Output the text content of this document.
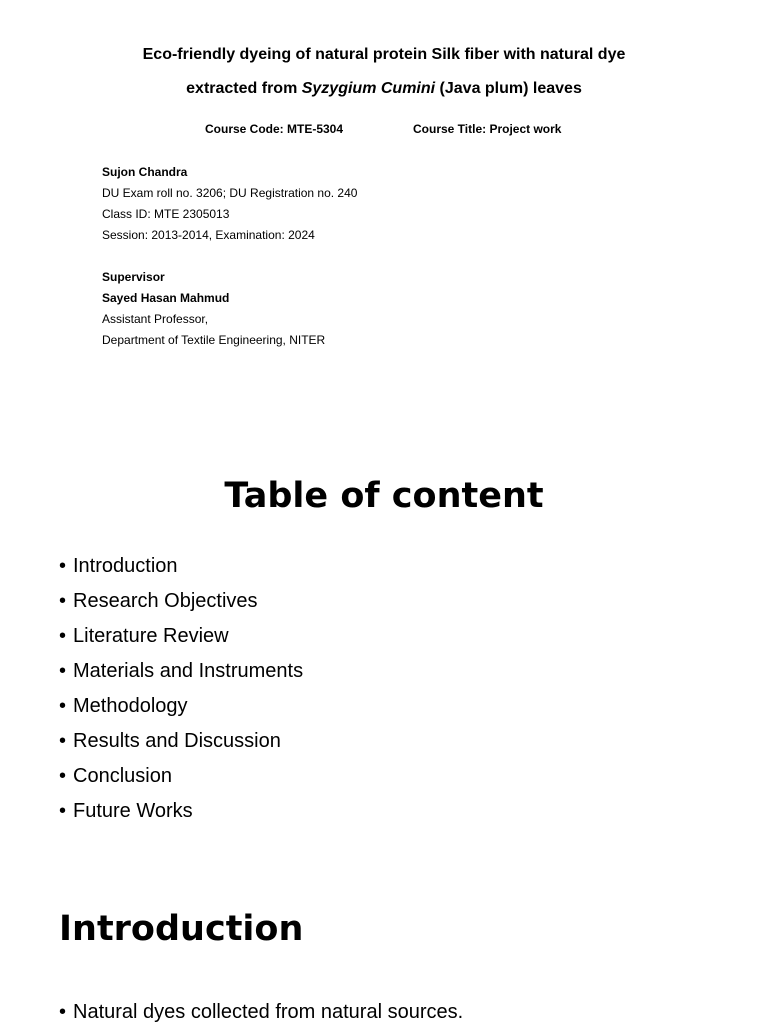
Eco-friendly dyeing of natural protein Silk fiber with natural dye
extracted from Syzygium Cumini (Java plum) leaves
Course Code: MTE-5304	Course Title: Project work
Sujon Chandra
DU Exam roll no. 3206; DU Registration no. 240
Class ID: MTE 2305013
Session: 2013-2014, Examination: 2024
Supervisor
Sayed Hasan Mahmud
Assistant Professor,
Department of Textile Engineering, NITER
Table of content
• Introduction
• Research Objectives
• Literature Review
• Materials and Instruments
• Methodology
• Results and Discussion
• Conclusion
• Future Works
Introduction
• Natural dyes collected from natural sources.
